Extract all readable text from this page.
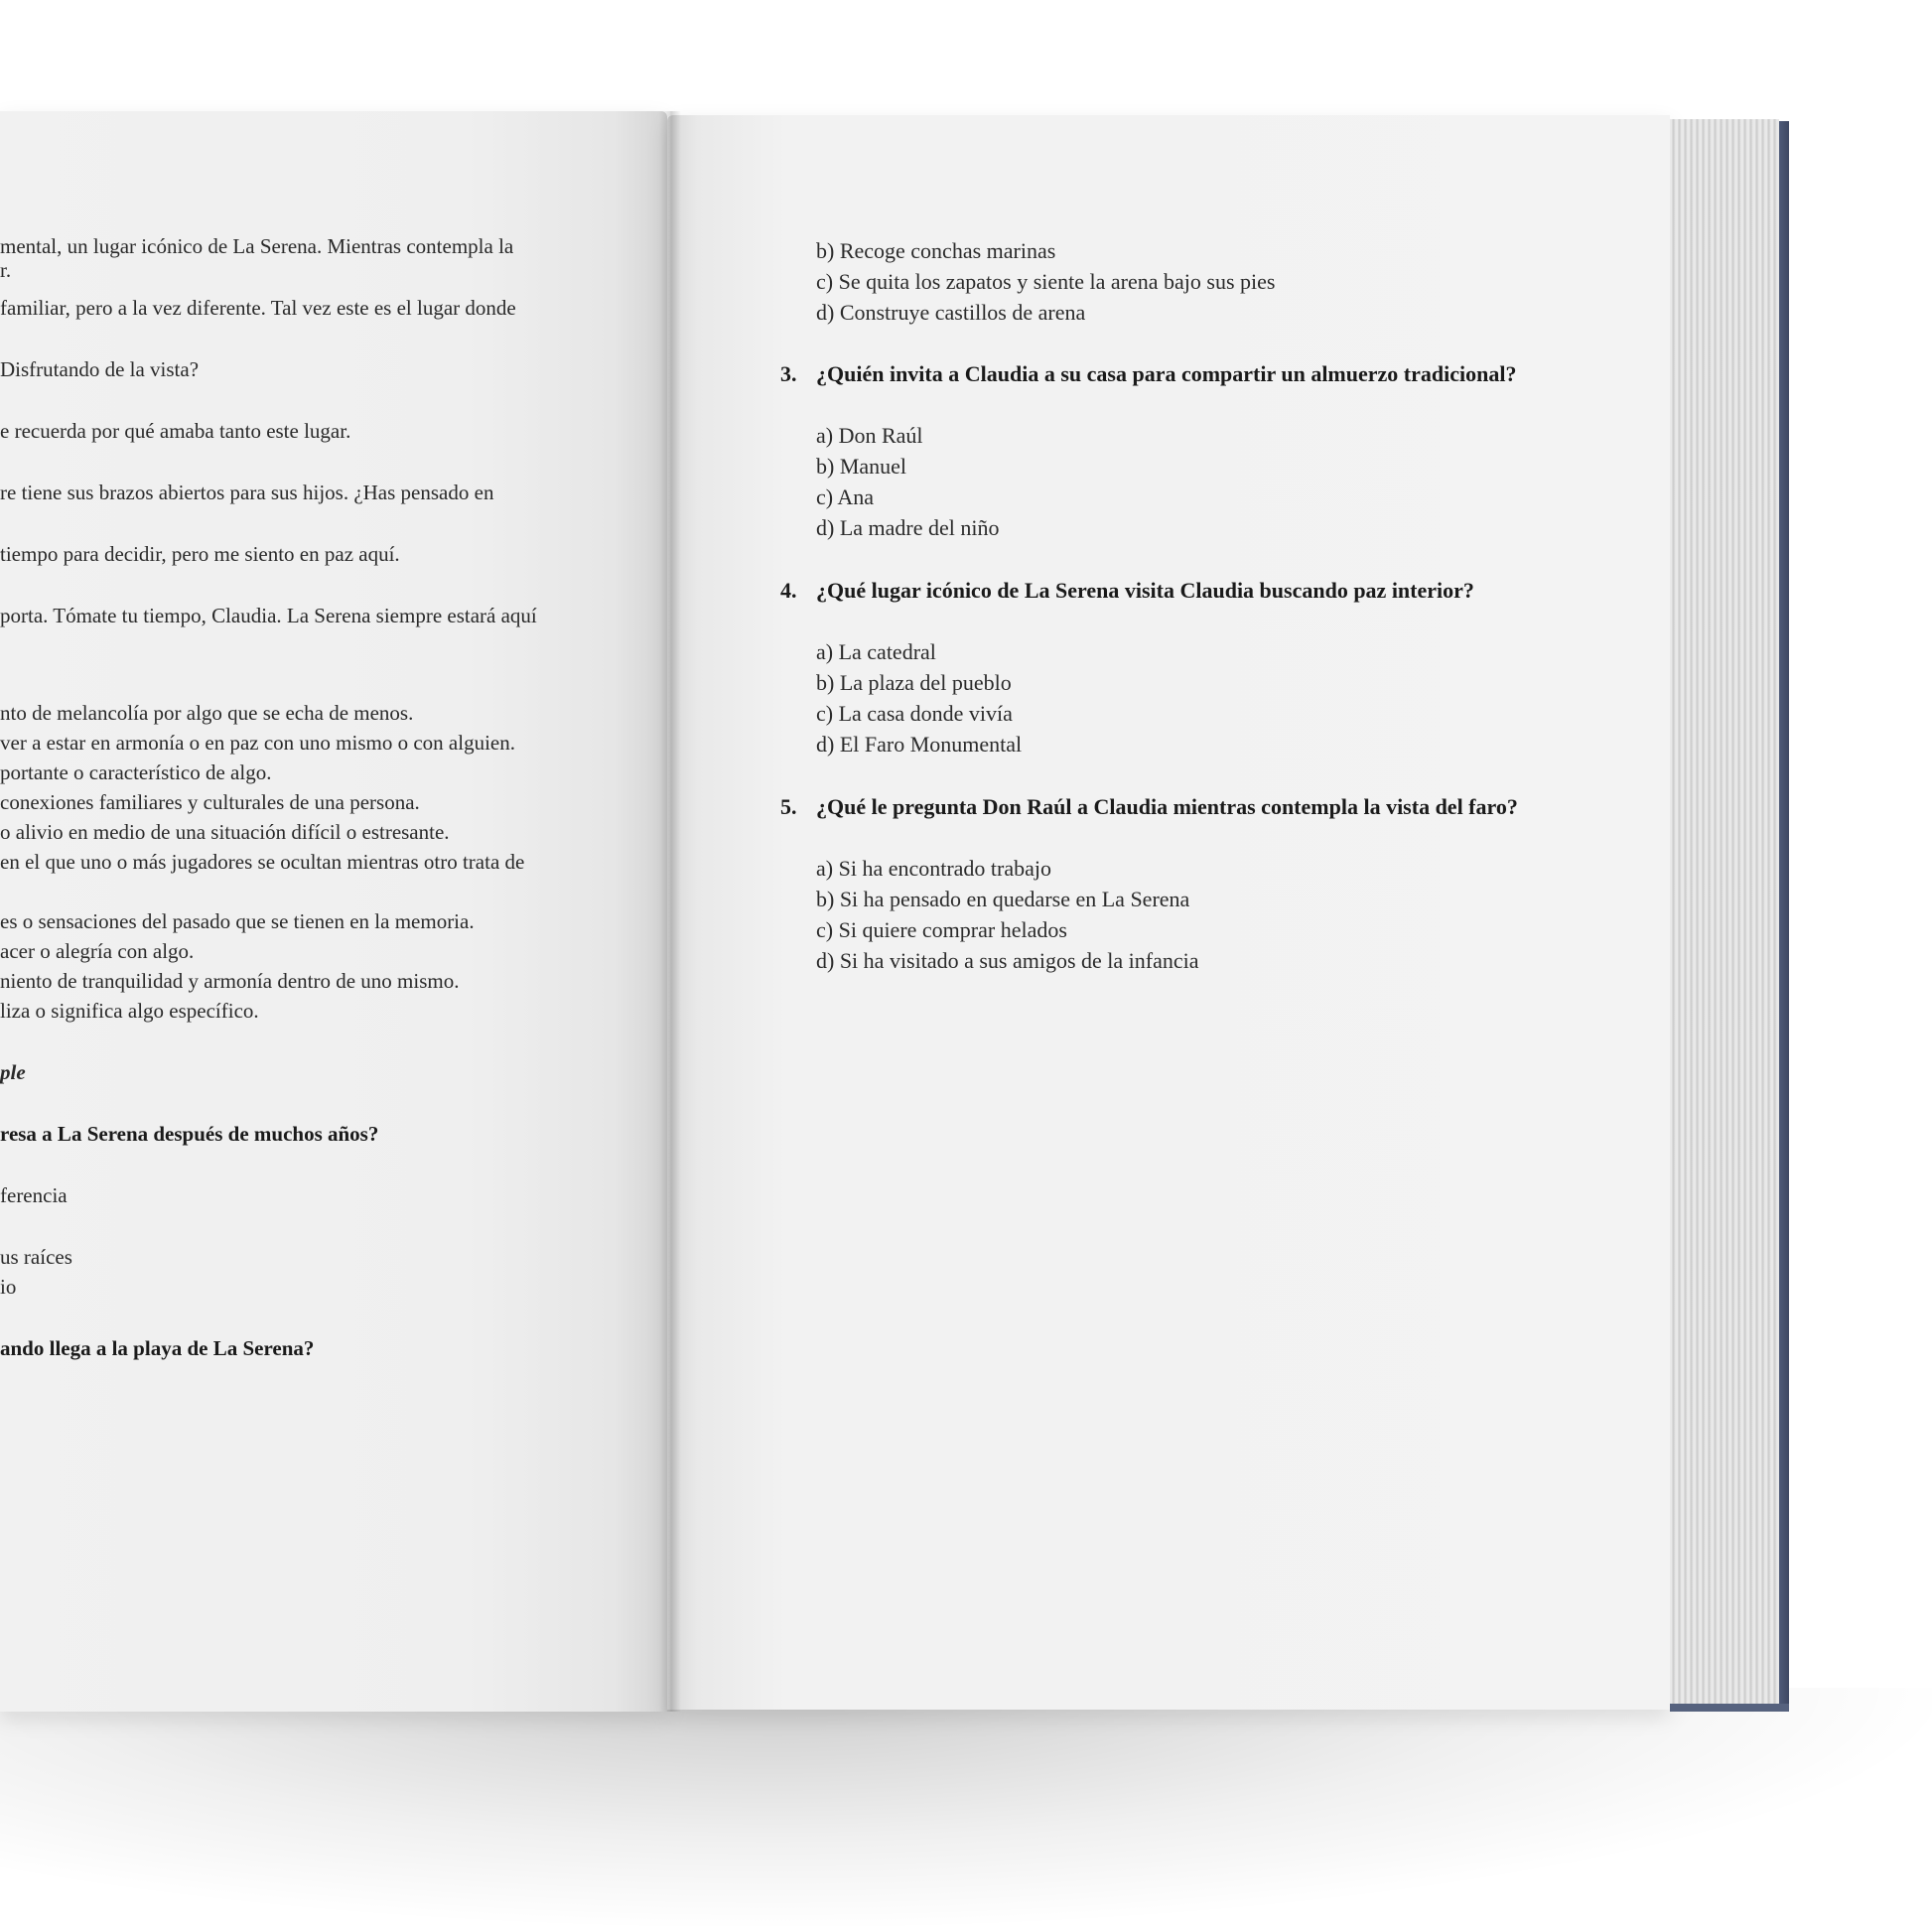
mental, un lugar icónico de La Serena. Mientras contempla la
r.
familiar, pero a la vez diferente. Tal vez este es el lugar donde
Disfrutando de la vista?
e recuerda por qué amaba tanto este lugar.
re tiene sus brazos abiertos para sus hijos. ¿Has pensado en
tiempo para decidir, pero me siento en paz aquí.
porta. Tómate tu tiempo, Claudia. La Serena siempre estará aquí
nto de melancolía por algo que se echa de menos.
ver a estar en armonía o en paz con uno mismo o con alguien.
portante o característico de algo.
conexiones familiares y culturales de una persona.
o alivio en medio de una situación difícil o estresante.
en el que uno o más jugadores se ocultan mientras otro trata de
es o sensaciones del pasado que se tienen en la memoria.
acer o alegría con algo.
niento de tranquilidad y armonía dentro de uno mismo.
liza o significa algo específico.
ple
resa a La Serena después de muchos años?
ferencia
us raíces
io
ando llega a la playa de La Serena?
b) Recoge conchas marinas
c) Se quita los zapatos y siente la arena bajo sus pies
d) Construye castillos de arena
3. ¿Quién invita a Claudia a su casa para compartir un almuerzo tradicional?
a) Don Raúl
b) Manuel
c) Ana
d) La madre del niño
4. ¿Qué lugar icónico de La Serena visita Claudia buscando paz interior?
a) La catedral
b) La plaza del pueblo
c) La casa donde vivía
d) El Faro Monumental
5. ¿Qué le pregunta Don Raúl a Claudia mientras contempla la vista del faro?
a) Si ha encontrado trabajo
b) Si ha pensado en quedarse en La Serena
c) Si quiere comprar helados
d) Si ha visitado a sus amigos de la infancia
